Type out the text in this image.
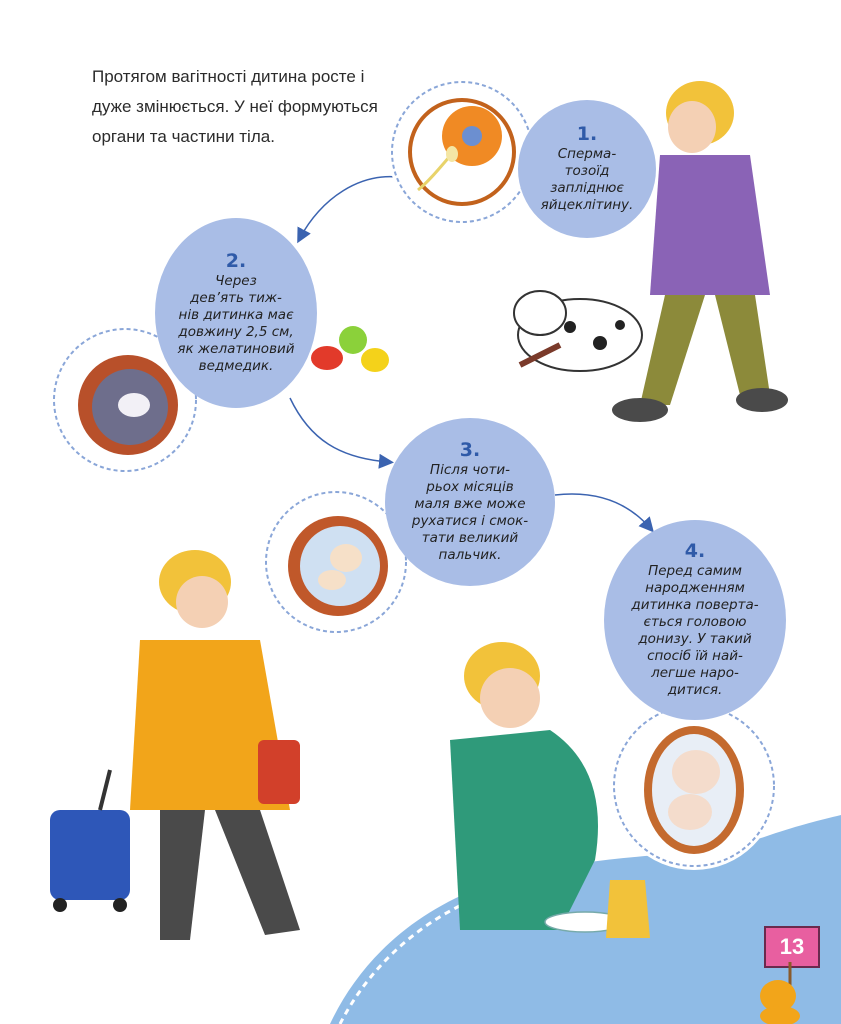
Протягом вагітності дитина росте і

дуже змінюється. У неї формуються

органи та частини тіла.	1.
Сперма-
тозоїд
запліднює
яйцеклітину.
2.
Через
дев’ять тиж-
нів дитинка має
довжину 2,5 см,
як желатиновий
ведмедик.
3.
Після чоти-
рьох місяців
маля вже може
рухатися і смок-
тати великий
пальчик.	4.
Перед самим
народженням
дитинка поверта-
ється головою
донизу. У такий
спосіб їй най-
легше наро-
дитися.
13
